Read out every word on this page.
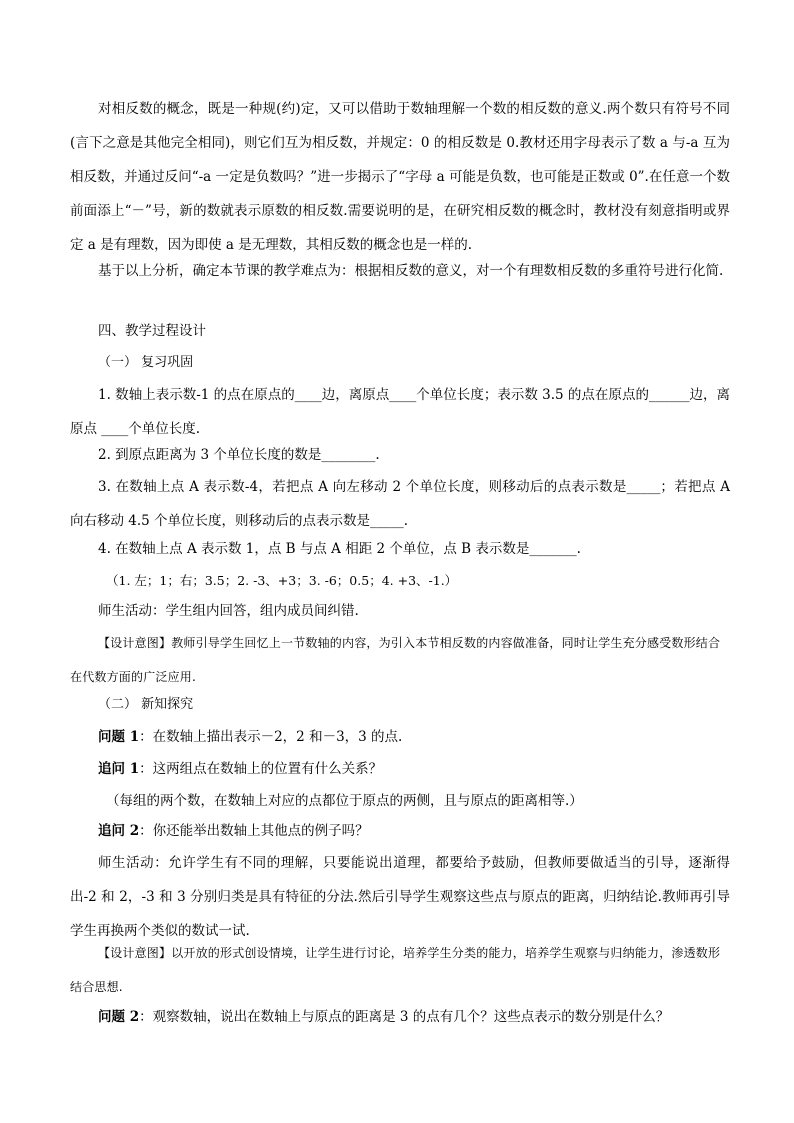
对相反数的概念，既是一种规(约)定，又可以借助于数轴理解一个数的相反数的意义.两个数只有符号不同(言下之意是其他完全相同)，则它们互为相反数，并规定：0 的相反数是 0.教材还用字母表示了数 a 与-a 互为相反数，并通过反问“-a 一定是负数吗？”进一步揭示了“字母 a 可能是负数，也可能是正数或 0”.在任意一个数前面添上“－”号，新的数就表示原数的相反数.需要说明的是，在研究相反数的概念时，教材没有刻意指明或界定 a 是有理数，因为即使 a 是无理数，其相反数的概念也是一样的.
基于以上分析，确定本节课的教学难点为：根据相反数的意义，对一个有理数相反数的多重符号进行化简.
四、教学过程设计
（一） 复习巩固
1. 数轴上表示数-1 的点在原点的____边，离原点____个单位长度；表示数 3.5 的点在原点的______边，离原点 ____个单位长度.
2. 到原点距离为 3 个单位长度的数是________.
3. 在数轴上点 A 表示数-4，若把点 A 向左移动 2 个单位长度，则移动后的点表示数是_____；若把点 A 向右移动 4.5 个单位长度，则移动后的点表示数是_____.
4. 在数轴上点 A 表示数 1，点 B 与点 A 相距 2 个单位，点 B 表示数是_______.
（1. 左；1；右；3.5；2. -3、+3；3. -6；0.5；4. +3、-1.）
师生活动：学生组内回答，组内成员间纠错.
【设计意图】教师引导学生回忆上一节数轴的内容，为引入本节相反数的内容做准备，同时让学生充分感受数形结合在代数方面的广泛应用.
（二） 新知探究
问题 1：在数轴上描出表示－2，2 和－3，3 的点.
追问 1：这两组点在数轴上的位置有什么关系？
（每组的两个数，在数轴上对应的点都位于原点的两侧，且与原点的距离相等.）
追问 2：你还能举出数轴上其他点的例子吗？
师生活动：允许学生有不同的理解，只要能说出道理，都要给予鼓励，但教师要做适当的引导，逐渐得出-2 和 2，-3 和 3 分别归类是具有特征的分法.然后引导学生观察这些点与原点的距离，归纳结论.教师再引导学生再换两个类似的数试一试.
【设计意图】以开放的形式创设情境，让学生进行讨论，培养学生分类的能力，培养学生观察与归纳能力，渗透数形结合思想.
问题 2：观察数轴，说出在数轴上与原点的距离是 3 的点有几个？这些点表示的数分别是什么？
